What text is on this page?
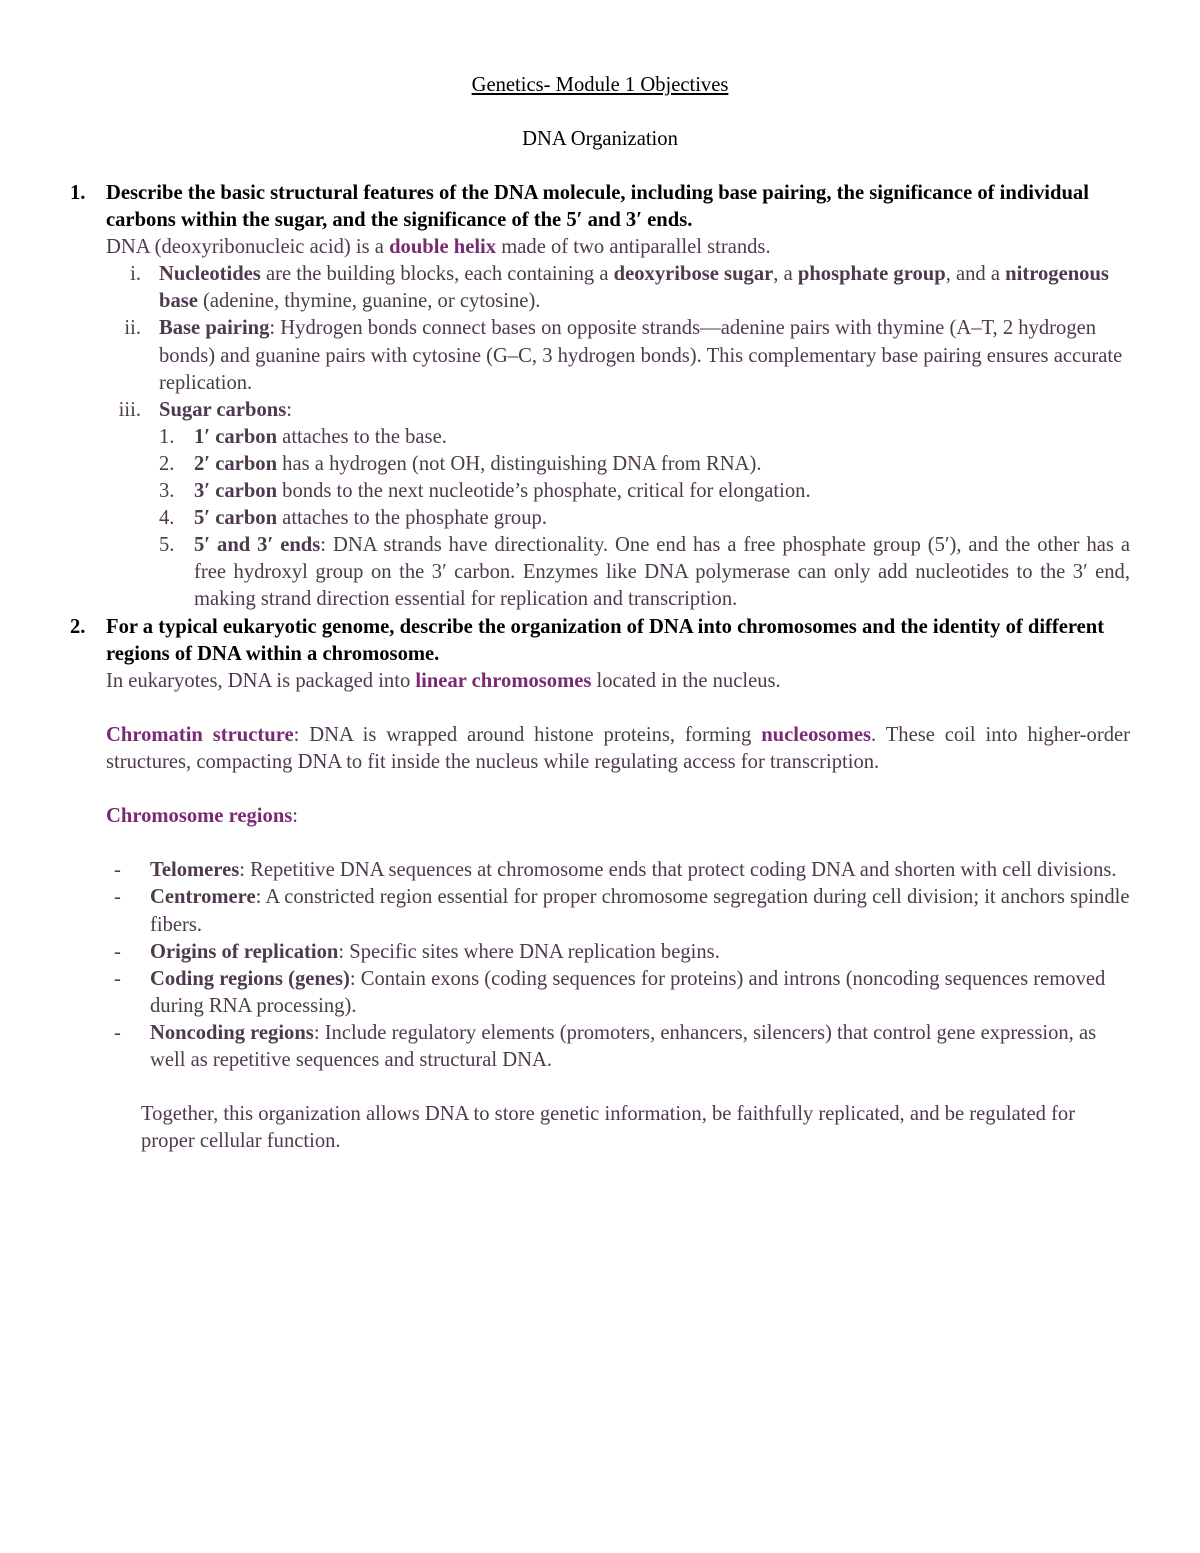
Genetics- Module 1 Objectives
DNA Organization
1. Describe the basic structural features of the DNA molecule, including base pairing, the significance of individual carbons within the sugar, and the significance of the 5′ and 3′ ends.
DNA (deoxyribonucleic acid) is a double helix made of two antiparallel strands.
i. Nucleotides are the building blocks, each containing a deoxyribose sugar, a phosphate group, and a nitrogenous base (adenine, thymine, guanine, or cytosine).
ii. Base pairing: Hydrogen bonds connect bases on opposite strands—adenine pairs with thymine (A–T, 2 hydrogen bonds) and guanine pairs with cytosine (G–C, 3 hydrogen bonds). This complementary base pairing ensures accurate replication.
iii. Sugar carbons:
1. 1′ carbon attaches to the base.
2. 2′ carbon has a hydrogen (not OH, distinguishing DNA from RNA).
3. 3′ carbon bonds to the next nucleotide’s phosphate, critical for elongation.
4. 5′ carbon attaches to the phosphate group.
5. 5′ and 3′ ends: DNA strands have directionality. One end has a free phosphate group (5′), and the other has a free hydroxyl group on the 3′ carbon. Enzymes like DNA polymerase can only add nucleotides to the 3′ end, making strand direction essential for replication and transcription.
2. For a typical eukaryotic genome, describe the organization of DNA into chromosomes and the identity of different regions of DNA within a chromosome.
In eukaryotes, DNA is packaged into linear chromosomes located in the nucleus.
Chromatin structure: DNA is wrapped around histone proteins, forming nucleosomes. These coil into higher-order structures, compacting DNA to fit inside the nucleus while regulating access for transcription.
Chromosome regions:
- Telomeres: Repetitive DNA sequences at chromosome ends that protect coding DNA and shorten with cell divisions.
- Centromere: A constricted region essential for proper chromosome segregation during cell division; it anchors spindle fibers.
- Origins of replication: Specific sites where DNA replication begins.
- Coding regions (genes): Contain exons (coding sequences for proteins) and introns (noncoding sequences removed during RNA processing).
- Noncoding regions: Include regulatory elements (promoters, enhancers, silencers) that control gene expression, as well as repetitive sequences and structural DNA.
Together, this organization allows DNA to store genetic information, be faithfully replicated, and be regulated for proper cellular function.
